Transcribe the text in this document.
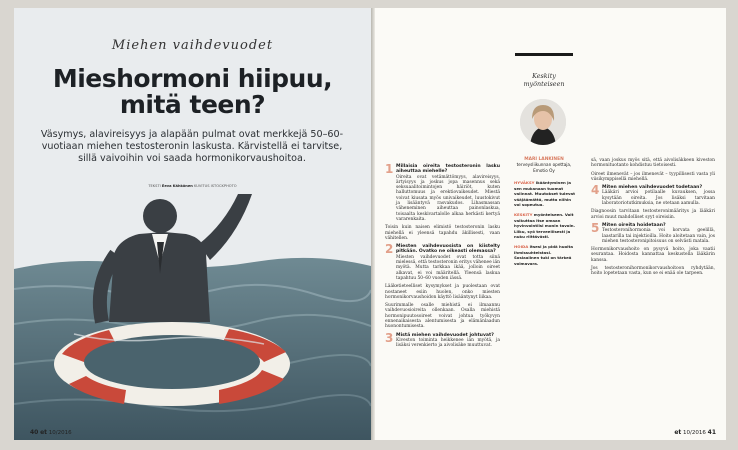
Miehen vaihdevuodet
Mieshormoni hiipuu,
mitä teen?
Väsymys, alavireisyys ja alapään pulmat ovat merkkejä 50–60-vuotiaan miehen testosteronin laskusta. Kärvistellä ei tarvitse, sillä vaivoihin voi saada hormonikorvaushoitoa.
TEKSTI Eeva Kähkönen KUVITUS ISTOCKPHOTO
40 et 10/2016

1 Millaisia oireita testosteronin lasku aiheuttaa miehelle?
Oireita ovat vetämättömyys, alavireisyys, ärtyisyys ja joskus jopa masennus sekä seksuaalitoimintojen häiriöt, kuten halluttomuus ja erektiovaikeudet. Miestä voivat kiusata myös univaikeudet, luustokivut ja lisääntyvä rasvakudos. Lihasmassan väheneminen aiheuttaa painonlaskua, toisaalta keskivartalolle alkaa herkästi kertyä vararenkaita.

Toisin kuin naisen elimistö testosteronin lasku miehellä ei yleensä tapahdu äkillisesti, vaan vähitellen.

2 Miesten vaihdevuosista on kiistelty pitkään. Ovatko ne oikeasti olemassa?
Miesten vaihdevuodet ovat totta siinä mielessä, että testosteronin eritys vähenee iän myötä. Mutta tarkkaa ikää, jolloin oireet alkavat, ei voi määritellä. Yleensä laskua tapahtuu 50–60 vuoden iässä.

Lääketieteelliset kysymykset ja puolestaan ovat nostaneet esiin huolen, onko miesten hormonikorvaushoidon käyttö lisääntynyt liikaa.

Suurimmalle osalle miehistä ei ilmaannu vaihdevuosioireita ollenkaan. Osalla miehistä hormonipuutosoireet voivat johtua työkyvyn ennenaikaisesta alentumisesta ja elämänlaadun huonontumisesta.

3 Mistä miehen vaihdevuodet johtuvat?
Kiveston toiminta heikkenee iän myötä, ja lisäksi verenkierto ja aivolisäke muuttuvat.

Keskity
myönteiseen
MARI LANKINEN
terveysliikunnan opettaja,
Emotio Oy

HYVÄKSY ikääntyminen ja sen mukanaan tuomat valinnat. Muutokset tulevat vääjäämättä, mutta niihin voi sopeutua.

KESKITY myönteiseen. Voit vaikuttaa itse omaan hyvinvointiisi monin tavoin. Liiku, syö terveellisesti ja nuku riittävästi.

HOIDA itsesi ja pidä huolta ihmissuhteistasi. Sosiaalinen tuki on tärkeä voimavara.

sä, vaan joskus myös sitä, että aivolisäkkeen kiveston hormonituotanto kohdistuu tietoisesti.

Oireet ilmenevät – jos ilmenevät – tyypillisesti vasta yli viisikymppisellä miehellä.

4 Miten miehen vaihdevuodet todetaan?
Lääkäri arvioi potilaalle kuvauksen, jossa kysytään oireita. Jos lisäksi tarvitaan laboratoriotutkimuksia, ne otetaan aamulla.

Diagnoosin tarvitaan testosteronimääritys ja lääkäri arvioi muut mahdolliset syyt oireisiin.

5 Miten oireita hoidetaan?
Testosteronihormonia voi korvata geelillä, laastarilla tai injektioilla. Hoito aloitetaan vain, jos miehen testosteronipitoisuus on selvästi matala.

Hormonikorvaushoito on pysyvä hoito, joka vaatii seurantaa. Hoidosta kannattaa keskustella lääkärin kanssa.

Jos testosteronihormonikorvaushoitoon ryhdytään, hoito lopetetaan vasta, kun se ei enää ole tarpeen.

et 10/2016 41
